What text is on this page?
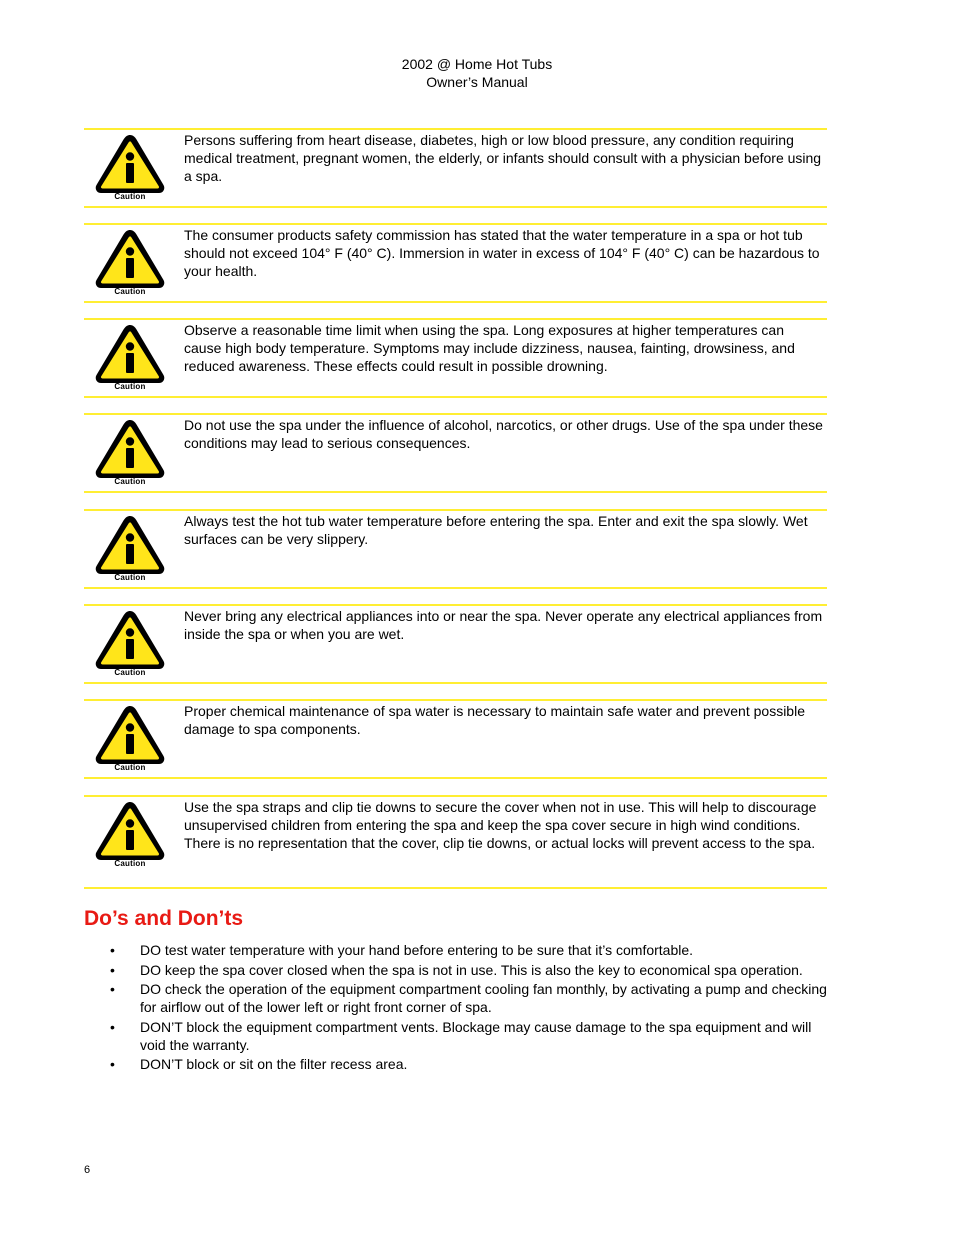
2002 @ Home Hot Tubs
Owner’s Manual
Caution
Persons suffering from heart disease, diabetes, high or low blood pressure, any condition requiring medical treatment, pregnant women, the elderly, or infants should consult with a physician before using a spa.
Caution
The consumer products safety commission has stated that the water temperature in a spa or hot tub should not exceed 104° F (40° C). Immersion in water in excess of 104° F (40° C) can be hazardous to your health.
Caution
Observe a reasonable time limit when using the spa. Long exposures at higher temperatures can cause high body temperature. Symptoms may include dizziness, nausea, fainting, drowsiness, and reduced awareness. These effects could result in possible drowning.
Caution
Do not use the spa under the influence of alcohol, narcotics, or other drugs. Use of the spa under these conditions may lead to serious consequences.
Caution
Always test the hot tub water temperature before entering the spa. Enter and exit the spa slowly. Wet surfaces can be very slippery.
Caution
Never bring any electrical appliances into or near the spa. Never operate any electrical appliances from inside the spa or when you are wet.
Caution
Proper chemical maintenance of spa water is necessary to maintain safe water and prevent possible damage to spa components.
Caution
Use the spa straps and clip tie downs to secure the cover when not in use. This will help to discourage unsupervised children from entering the spa and keep the spa cover secure in high wind conditions. There is no representation that the cover, clip tie downs, or actual locks will prevent access to the spa.
Do’s and Don’ts
• DO test water temperature with your hand before entering to be sure that it’s comfortable.
• DO keep the spa cover closed when the spa is not in use. This is also the key to economical spa operation.
• DO check the operation of the equipment compartment cooling fan monthly, by activating a pump and checking for airflow out of the lower left or right front corner of spa.
• DON’T block the equipment compartment vents. Blockage may cause damage to the spa equipment and will void the warranty.
• DON’T block or sit on the filter recess area.
6
